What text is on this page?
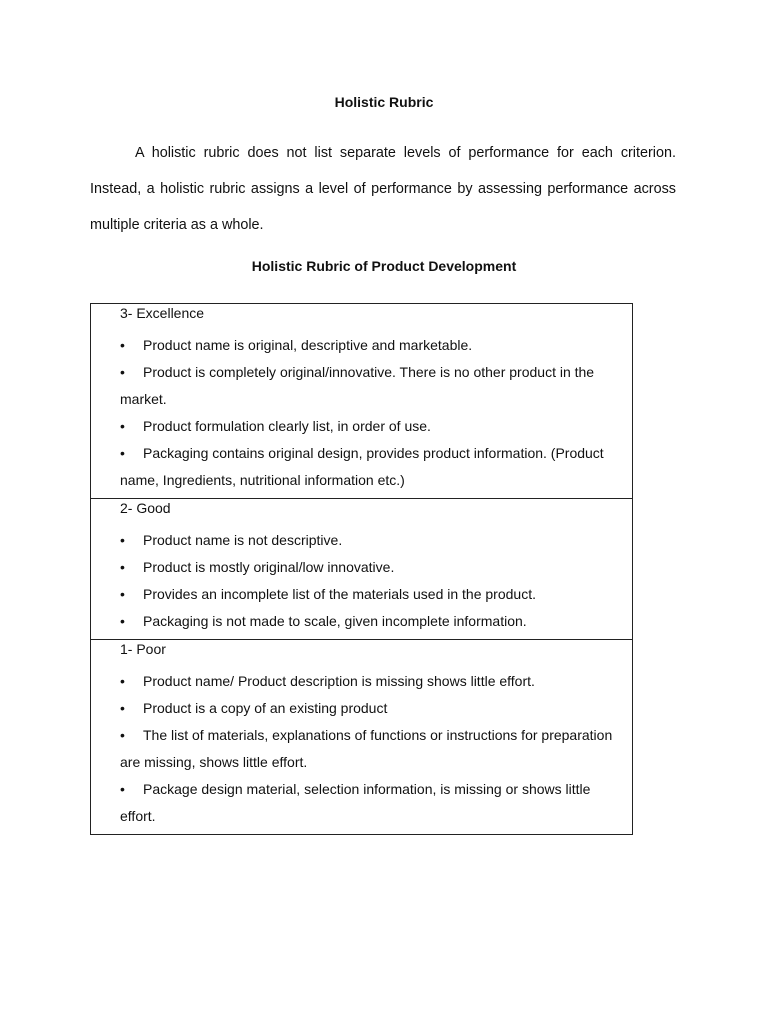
Holistic Rubric
A holistic rubric does not list separate levels of performance for each criterion. Instead, a holistic rubric assigns a level of performance by assessing performance across multiple criteria as a whole.
Holistic Rubric of Product Development
3- Excellence

• Product name is original, descriptive and marketable.

• Product is completely original/innovative. There is no other product in the market.

• Product formulation clearly list, in order of use.

• Packaging contains original design, provides product information. (Product name, Ingredients, nutritional information etc.)

2- Good

• Product name is not descriptive.

• Product is mostly original/low innovative.

• Provides an incomplete list of the materials used in the product.

• Packaging is not made to scale, given incomplete information.

1- Poor

• Product name/ Product description is missing shows little effort.

• Product is a copy of an existing product

• The list of materials, explanations of functions or instructions for preparation are missing, shows little effort.

• Package design material, selection information, is missing or shows little effort.
